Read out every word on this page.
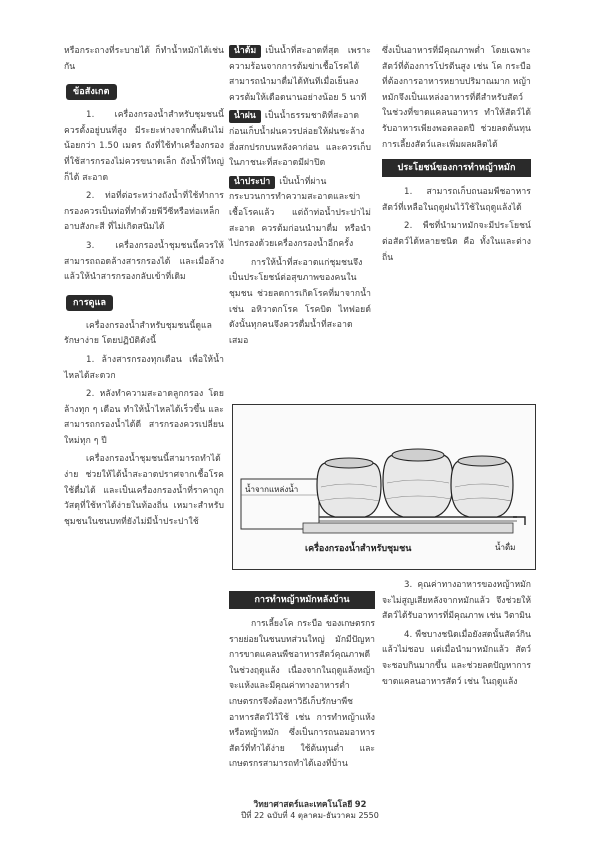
หรือกระถางที่ระบายได้ ก็ทำน้ำหมักได้เช่นกัน

ข้อสังเกต

1. เครื่องกรองน้ำสำหรับชุมชนนี้ ควรตั้งอยู่บนที่สูง มีระยะห่างจากพื้นดินไม่น้อยกว่า 1.50 เมตร ถังที่ใช้ทำเครื่องกรองที่ใช้สารกรองไม่ควรขนาดเล็ก ถังน้ำที่ใหญ่ก็ได้ สะอาด

2. ท่อที่ต่อระหว่างถังน้ำที่ใช้ทำการกรองควรเป็นท่อที่ทำด้วยพีวีซีหรือท่อเหล็กอาบสังกะสี ที่ไม่เกิดสนิมได้

3. เครื่องกรองน้ำชุมชนนี้ควรให้สามารถถอดล้างสารกรองได้ และเมื่อล้างแล้วให้นำสารกรองกลับเข้าที่เดิม

การดูแล

เครื่องกรองน้ำสำหรับชุมชนนี้ดูแลรักษาง่าย โดยปฏิบัติดังนี้

1. ล้างสารกรองทุกเดือน เพื่อให้น้ำไหลได้สะดวก

2. หลังทำความสะอาดลูกกรอง โดยล้างทุก ๆ เดือน ทำให้น้ำไหลได้เร็วขึ้น และสามารถกรองน้ำได้ดี สารกรองควรเปลี่ยนใหม่ทุก ๆ ปี

เครื่องกรองน้ำชุมชนนี้สามารถทำได้ง่าย ช่วยให้ได้น้ำสะอาดปราศจากเชื้อโรค ใช้ดื่มได้ และเป็นเครื่องกรองน้ำที่ราคาถูก วัสดุที่ใช้หาได้ง่ายในท้องถิ่น เหมาะสำหรับชุมชนในชนบทที่ยังไม่มีน้ำประปาใช้

น้ำต้ม เป็นน้ำที่สะอาดที่สุด เพราะความร้อนจากการต้มฆ่าเชื้อโรคได้ สามารถนำมาดื่มได้ทันทีเมื่อเย็นลง ควรต้มให้เดือดนานอย่างน้อย 5 นาที

น้ำฝน เป็นน้ำธรรมชาติที่สะอาด ก่อนเก็บน้ำฝนควรปล่อยให้ฝนชะล้างสิ่งสกปรกบนหลังคาก่อน และควรเก็บในภาชนะที่สะอาดมีฝาปิด

น้ำประปา เป็นน้ำที่ผ่านกระบวนการทำความสะอาดและฆ่าเชื้อโรคแล้ว แต่ถ้าท่อน้ำประปาไม่สะอาด ควรต้มก่อนนำมาดื่ม หรือนำไปกรองด้วยเครื่องกรองน้ำอีกครั้ง

การให้น้ำที่สะอาดแก่ชุมชนจึงเป็นประโยชน์ต่อสุขภาพของคนในชุมชน ช่วยลดการเกิดโรคที่มาจากน้ำ เช่น อหิวาตกโรค โรคบิด ไทฟอยด์ ดังนั้นทุกคนจึงควรดื่มน้ำที่สะอาดเสมอ

ซึ่งเป็นอาหารที่มีคุณภาพต่ำ โดยเฉพาะสัตว์ที่ต้องการโปรตีนสูง เช่น โค กระบือ ที่ต้องการอาหารหยาบปริมาณมาก หญ้าหมักจึงเป็นแหล่งอาหารที่ดีสำหรับสัตว์ในช่วงที่ขาดแคลนอาหาร ทำให้สัตว์ได้รับอาหารเพียงพอตลอดปี ช่วยลดต้นทุนการเลี้ยงสัตว์และเพิ่มผลผลิตได้

ประโยชน์ของการทำหญ้าหมัก

1. สามารถเก็บถนอมพืชอาหารสัตว์ที่เหลือในฤดูฝนไว้ใช้ในฤดูแล้งได้

2. พืชที่นำมาหมักจะมีประโยชน์ต่อสัตว์ได้หลายชนิด คือ ทั้งในและต่างถิ่น

น้ำจากแหล่งน้ำ
เครื่องกรองน้ำสำหรับชุมชน	น้ำดื่ม
การทำหญ้าหมักหลังบ้าน

การเลี้ยงโค กระบือ ของเกษตรกรรายย่อยในชนบทส่วนใหญ่ มักมีปัญหาการขาดแคลนพืชอาหารสัตว์คุณภาพดีในช่วงฤดูแล้ง เนื่องจากในฤดูแล้งหญ้าจะแห้งและมีคุณค่าทางอาหารต่ำ เกษตรกรจึงต้องหาวิธีเก็บรักษาพืชอาหารสัตว์ไว้ใช้ เช่น การทำหญ้าแห้ง หรือหญ้าหมัก ซึ่งเป็นการถนอมอาหารสัตว์ที่ทำได้ง่าย ใช้ต้นทุนต่ำ และเกษตรกรสามารถทำได้เองที่บ้าน

3. คุณค่าทางอาหารของหญ้าหมักจะไม่สูญเสียหลังจากหมักแล้ว จึงช่วยให้สัตว์ได้รับอาหารที่มีคุณภาพ เช่น วิตามิน

4. พืชบางชนิดเมื่อยังสดนั้นสัตว์กินแล้วไม่ชอบ แต่เมื่อนำมาหมักแล้ว สัตว์จะชอบกินมากขึ้น และช่วยลดปัญหาการขาดแคลนอาหารสัตว์ เช่น ในฤดูแล้ง

วิทยาศาสตร์และเทคโนโลยี 92
ปีที่ 22 ฉบับที่ 4 ตุลาคม-ธันวาคม 2550
